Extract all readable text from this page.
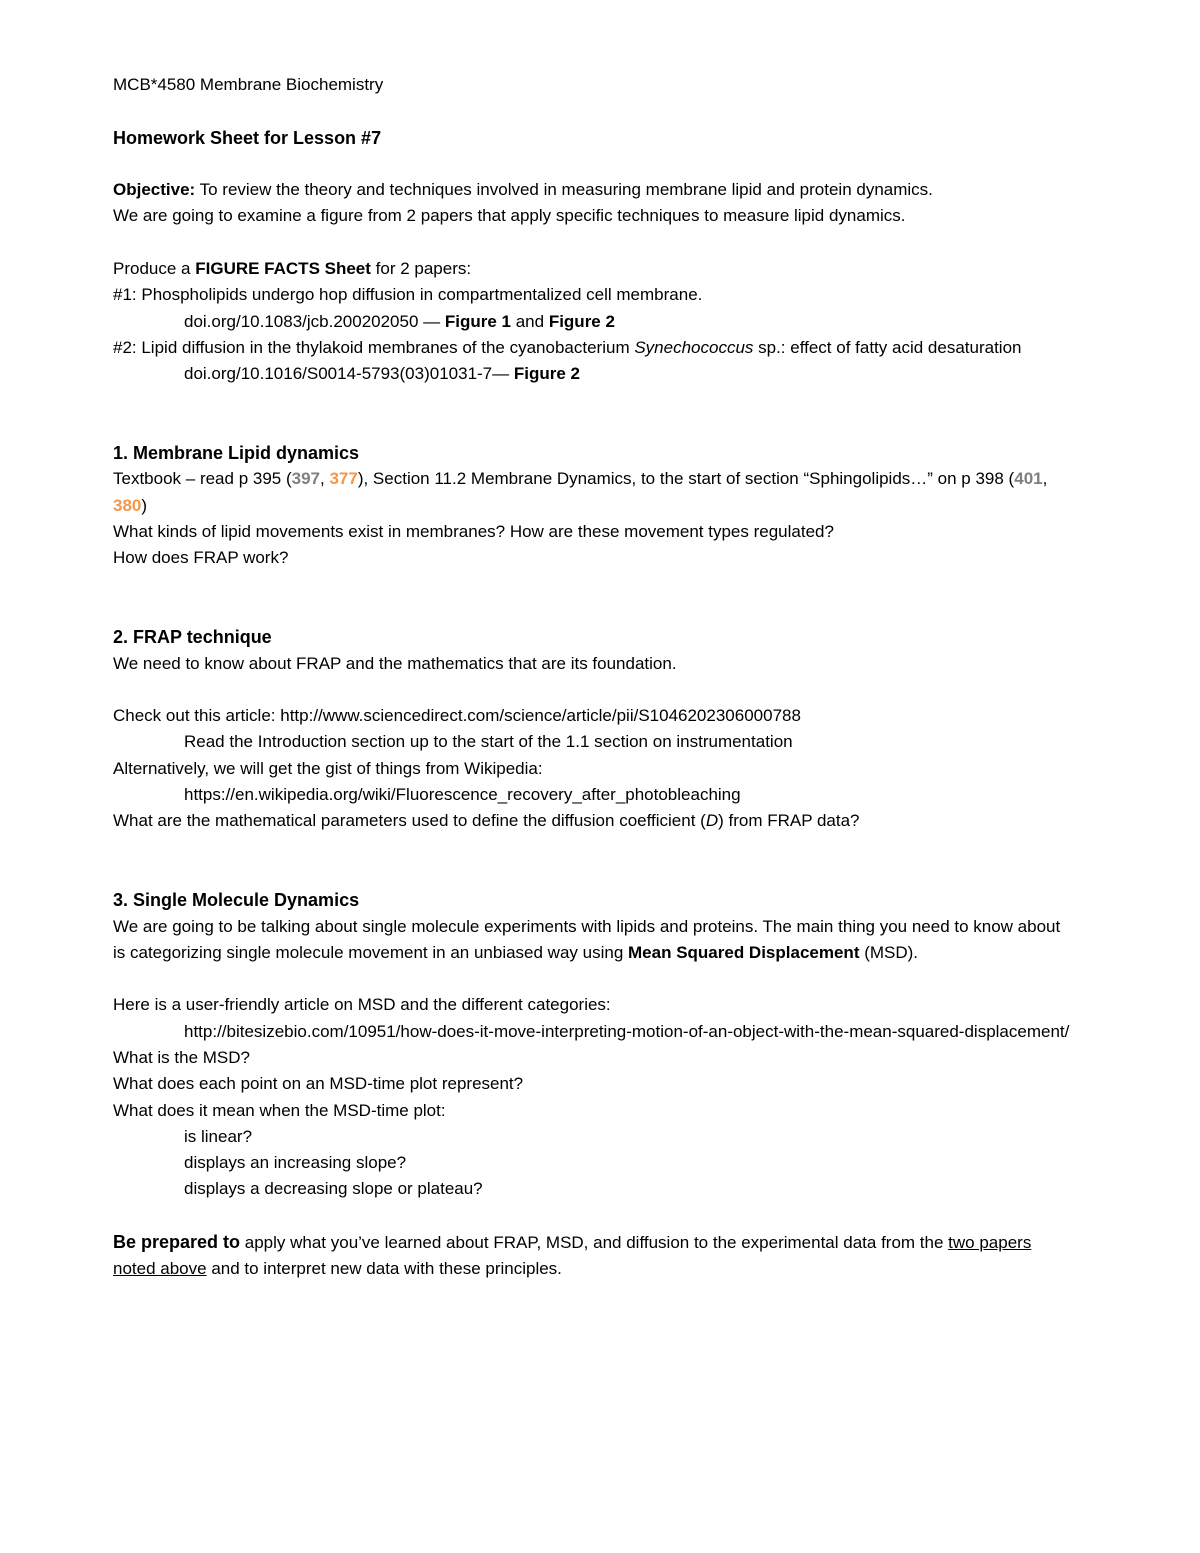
MCB*4580 Membrane Biochemistry
Homework Sheet for Lesson #7
Objective: To review the theory and techniques involved in measuring membrane lipid and protein dynamics.
We are going to examine a figure from 2 papers that apply specific techniques to measure lipid dynamics.
Produce a FIGURE FACTS Sheet for 2 papers:
#1: Phospholipids undergo hop diffusion in compartmentalized cell membrane.
doi.org/10.1083/jcb.200202050 — Figure 1 and Figure 2
#2: Lipid diffusion in the thylakoid membranes of the cyanobacterium Synechococcus sp.: effect of fatty acid desaturation
doi.org/10.1016/S0014-5793(03)01031-7— Figure 2
1. Membrane Lipid dynamics
Textbook – read p 395 (397, 377), Section 11.2 Membrane Dynamics, to the start of section “Sphingolipids…” on p 398 (401, 380)
What kinds of lipid movements exist in membranes? How are these movement types regulated?
How does FRAP work?
2. FRAP technique
We need to know about FRAP and the mathematics that are its foundation.
Check out this article: http://www.sciencedirect.com/science/article/pii/S1046202306000788
Read the Introduction section up to the start of the 1.1 section on instrumentation
Alternatively, we will get the gist of things from Wikipedia:
https://en.wikipedia.org/wiki/Fluorescence_recovery_after_photobleaching
What are the mathematical parameters used to define the diffusion coefficient (D) from FRAP data?
3. Single Molecule Dynamics
We are going to be talking about single molecule experiments with lipids and proteins. The main thing you need to know about is categorizing single molecule movement in an unbiased way using Mean Squared Displacement (MSD).
Here is a user-friendly article on MSD and the different categories:
http://bitesizebio.com/10951/how-does-it-move-interpreting-motion-of-an-object-with-the-mean-squared-displacement/
What is the MSD?
What does each point on an MSD-time plot represent?
What does it mean when the MSD-time plot:
is linear?
displays an increasing slope?
displays a decreasing slope or plateau?
Be prepared to apply what you’ve learned about FRAP, MSD, and diffusion to the experimental data from the two papers noted above and to interpret new data with these principles.
